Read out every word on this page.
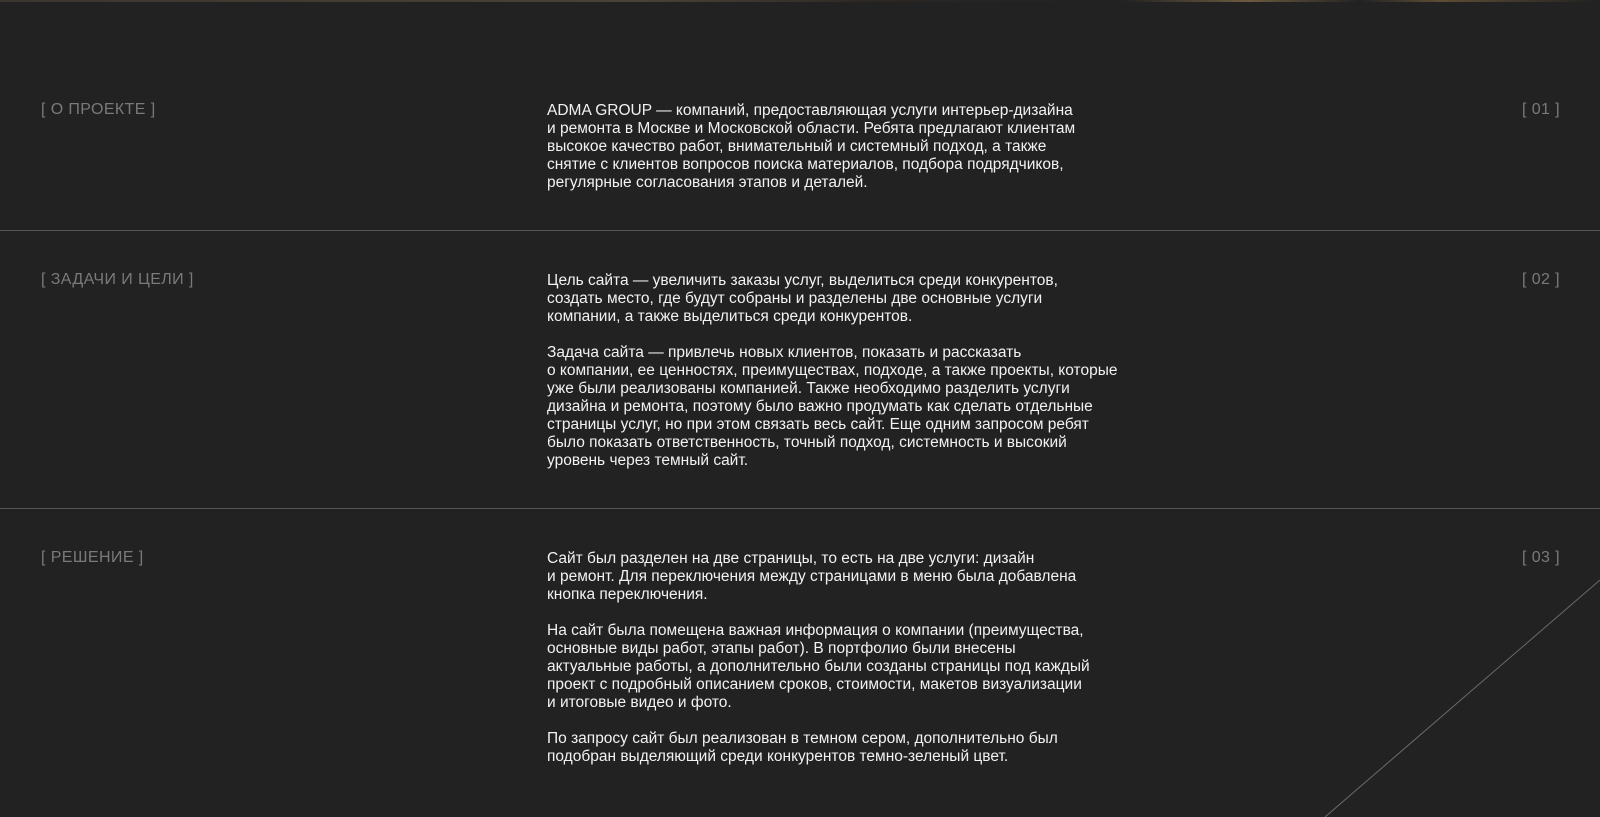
[ О ПРОЕКТЕ ]	ADMA GROUP — компаний, предоставляющая услуги интерьер-дизайна
и ремонта в Москве и Московской области. Ребята предлагают клиентам
высокое качество работ, внимательный и системный подход, а также
снятие с клиентов вопросов поиска материалов, подбора подрядчиков,
регулярные согласования этапов и деталей.

[ 01 ]
[ ЗАДАЧИ И ЦЕЛИ ]	Цель сайта — увеличить заказы услуг, выделиться среди конкурентов,
создать место, где будут собраны и разделены две основные услуги
компании, а также выделиться среди конкурентов.

Задача сайта — привлечь новых клиентов, показать и рассказать
о компании, ее ценностях, преимуществах, подходе, а также проекты, которые
уже были реализованы компанией. Также необходимо разделить услуги
дизайна и ремонта, поэтому было важно продумать как сделать отдельные
страницы услуг, но при этом связать весь сайт. Еще одним запросом ребят
было показать ответственность, точный подход, системность и высокий
уровень через темный сайт.

[ 02 ]
[ РЕШЕНИЕ ]	Сайт был разделен на две страницы, то есть на две услуги: дизайн
и ремонт. Для переключения между страницами в меню была добавлена
кнопка переключения.

На сайт была помещена важная информация о компании (преимущества,
основные виды работ, этапы работ). В портфолио были внесены
актуальные работы, а дополнительно были созданы страницы под каждый
проект с подробный описанием сроков, стоимости, макетов визуализации
и итоговые видео и фото.

По запросу сайт был реализован в темном сером, дополнительно был
подобран выделяющий среди конкурентов темно-зеленый цвет.

[ 03 ]
